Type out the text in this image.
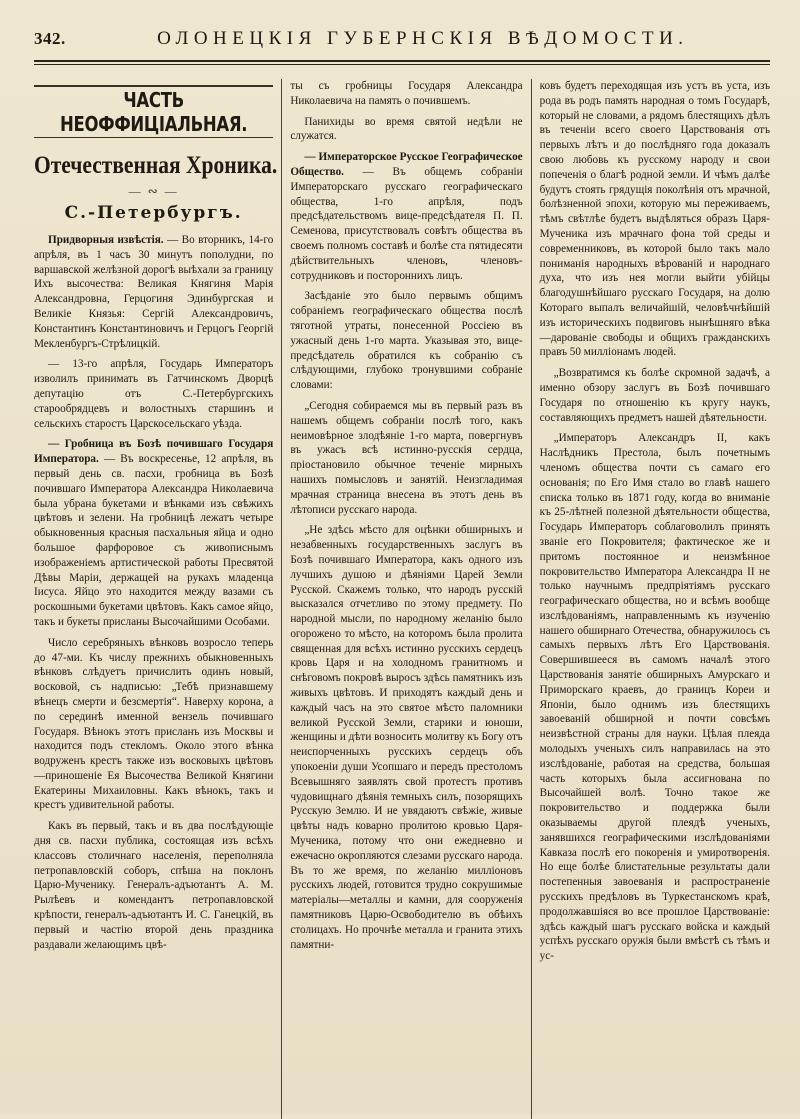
342.	ОЛОНЕЦКІЯ ГУБЕРНСКІЯ ВѢДОМОСТИ.
ЧАСТЬ НЕОФФИЦІАЛЬНАЯ.
Отечественная Хроника.
— ∾ —
С.-Петербургъ.

Придворныя извѣстія. — Во вторникъ, 14-го апрѣля, въ 1 часъ 30 минутъ пополудни, по варшавской желѣзной дорогѣ выѣхали за границу Ихъ высочества: Великая Княгиня Марія Александровна, Герцогиня Эдинбургская и Великіе Князья: Сергій Александровичъ, Константинъ Константиновичъ и Герцогъ Георгій Мекленбургъ-Стрѣлицкій.

— 13-го апрѣля, Государь Императоръ изволилъ принимать въ Гатчинскомъ Дворцѣ депутацію отъ С.-Петербургскихъ старообрядцевъ и волостныхъ старшинъ и сельскихъ старостъ Царскосельскаго уѣзда.

— Гробница въ Бозѣ почившаго Государя Императора. — Въ воскресенье, 12 апрѣля, въ первый день св. пасхи, гробница въ Бозѣ почившаго Императора Александра Николаевича была убрана букетами и вѣнками изъ свѣжихъ цвѣтовъ и зелени. На гробницѣ лежатъ четыре обыкновенныя красныя пасхальныя яйца и одно большое фарфоровое съ живописнымъ изображеніемъ артистической работы Пресвятой Дѣвы Маріи, держащей на рукахъ младенца Іисуса. Яйцо это находится между вазами съ роскошными букетами цвѣтовъ. Какъ самое яйцо, такъ и букеты присланы Высочайшими Особами.

Число серебряныхъ вѣнковъ возросло теперь до 47-ми. Къ числу прежнихъ обыкновенныхъ вѣнковъ слѣдуетъ причислить одинъ новый, восковой, съ надписью: „Тебѣ признавшему вѣнецъ смерти и безсмертія“. Наверху корона, а по серединѣ именной вензель почившаго Государя. Вѣнокъ этотъ присланъ изъ Москвы и находится подъ стекломъ. Около этого вѣнка водруженъ крестъ также изъ восковыхъ цвѣтовъ—приношеніе Ея Высочества Великой Княгини Екатерины Михаиловны. Какъ вѣнокъ, такъ и крестъ удивительной работы.

Какъ въ первый, такъ и въ два послѣдующіе дня св. пасхи публика, состоящая изъ всѣхъ классовъ столичнаго населенія, переполняла петропавловскій соборъ, спѣша на поклонъ Царю-Мученику. Генералъ-адъютантъ А. М. Рылѣевъ и комендантъ петропавловской крѣпости, генералъ-адъютантъ И. С. Ганецкій, въ первый и частію второй день праздника раздавали желающимъ цвѣ-

ты съ гробницы Государя Александра Николаевича на память о почившемъ.

Панихиды во время святой недѣли не служатся.

— Императорское Русское Географическое Общество. — Въ общемъ собраніи Императорскаго русскаго географическаго общества, 1-го апрѣля, подъ предсѣдательствомъ вице-предсѣдателя П. П. Семенова, присутствовалъ совѣтъ общества въ своемъ полномъ составѣ и болѣе ста пятидесяти дѣйствительныхъ членовъ, членовъ-сотрудниковъ и постороннихъ лицъ.

Засѣданіе это было первымъ общимъ собраніемъ географическаго общества послѣ тяготной утраты, понесенной Россіею въ ужасный день 1-го марта. Указывая это, вице-предсѣдатель обратился къ собранію съ слѣдующими, глубоко тронувшими собраніе словами:

„Сегодня собираемся мы въ первый разъ въ нашемъ общемъ собраніи послѣ того, какъ неимовѣрное злодѣяніе 1-го марта, повергнувъ въ ужасъ всѣ истинно-русскія сердца, пріостановило обычное теченіе мирныхъ нашихъ помысловъ и занятій. Неизгладимая мрачная страница внесена въ этотъ день въ лѣтописи русскаго народа.

„Не здѣсь мѣсто для оцѣнки обширныхъ и незабвенныхъ государственныхъ заслугъ въ Бозѣ почившаго Императора, какъ одного изъ лучшихъ душою и дѣяніями Царей Земли Русской. Скажемъ только, что народъ русскій высказался отчетливо по этому предмету. По народной мысли, по народному желанію было огорожено то мѣсто, на которомъ была пролита священная для всѣхъ истинно русскихъ сердецъ кровь Царя и на холодномъ гранитномъ и снѣговомъ покровѣ выросъ здѣсь памятникъ изъ живыхъ цвѣтовъ. И приходятъ каждый день и каждый часъ на это святое мѣсто паломники великой Русской Земли, старики и юноши, женщины и дѣти возносить молитву къ Богу отъ неиспорченныхъ русскихъ сердецъ объ упокоеніи души Усопшаго и передъ престоломъ Всевышняго заявлять свой протестъ противъ чудовищнаго дѣянія темныхъ силъ, позорящихъ Русскую Землю. И не увядаютъ свѣжіе, живые цвѣты надъ коварно пролитою кровью Царя-Мученика, потому что они ежедневно и ежечасно окропляются слезами русскаго народа. Въ то же время, по желанію милліоновъ русскихъ людей, готовится трудно сокрушимые матеріалы—металлы и камни, для сооруженія памятниковъ Царю-Освободителю въ обѣихъ столицахъ. Но прочнѣе металла и гранита этихъ памятни-

ковъ будетъ переходящая изъ устъ въ уста, изъ рода въ родъ память народная о томъ Государѣ, который не словами, а рядомъ блестящихъ дѣлъ въ теченіи всего своего Царствованія отъ первыхъ лѣтъ и до послѣдняго года доказалъ свою любовь къ русскому народу и свои попеченія о благѣ родной земли. И чѣмъ далѣе будутъ стоять грядущія поколѣнія отъ мрачной, болѣзненной эпохи, которую мы переживаемъ, тѣмъ свѣтлѣе будетъ выдѣляться образъ Царя-Мученика изъ мрачнаго фона той среды и современниковъ, въ которой было такъ мало пониманія народныхъ вѣрованій и народнаго духа, что изъ нея могли выйти убійцы благодушнѣйшаго русскаго Государя, на долю Котораго выпалъ величайшій, человѣчнѣйшій изъ историческихъ подвиговъ нынѣшняго вѣка—дарованіе свободы и общихъ гражданскихъ правъ 50 милліонамъ людей.

„Возвратимся къ болѣе скромной задачѣ, а именно обзору заслугъ въ Бозѣ почившаго Государя по отношенію къ кругу наукъ, составляющихъ предметъ нашей дѣятельности.

„Императоръ Александръ II, какъ Наслѣдникъ Престола, былъ почетнымъ членомъ общества почти съ самаго его основанія; по Его Имя стало во главѣ нашего списка только въ 1871 году, когда во вниманіе къ 25-лѣтней полезной дѣятельности общества, Государь Императоръ соблаговолилъ принять званіе его Покровителя; фактическое же и притомъ постоянное и неизмѣнное покровительство Императора Александра II не только научнымъ предпріятіямъ русскаго географическаго общества, но и всѣмъ вообще изслѣдованіямъ, направленнымъ къ изученію нашего обширнаго Отечества, обнаружилось съ самыхъ первыхъ лѣтъ Его Царствованія. Совершившееся въ самомъ началѣ этого Царствованія занятіе обширныхъ Амурскаго и Приморскаго краевъ, до границъ Кореи и Японіи, было однимъ изъ блестящихъ завоеваній обширной и почти совсѣмъ неизвѣстной страны для науки. Цѣлая плеяда молодыхъ ученыхъ силъ направилась на это изслѣдованіе, работая на средства, большая часть которыхъ была ассигнована по Высочайшей волѣ. Точно такое же покровительство и поддержка были оказываемы другой плеядѣ ученыхъ, занявшихся географическими изслѣдованіями Кавказа послѣ его покоренія и умиротворенія. Но еще болѣе блистательные результаты дали постепенныя завоеванія и распространеніе русскихъ предѣловъ въ Туркестанскомъ краѣ, продолжавшіяся во все прошлое Царствованіе: здѣсь каждый шагъ русскаго войска и каждый успѣхъ русскаго оружія были вмѣстѣ съ тѣмъ и ус-
